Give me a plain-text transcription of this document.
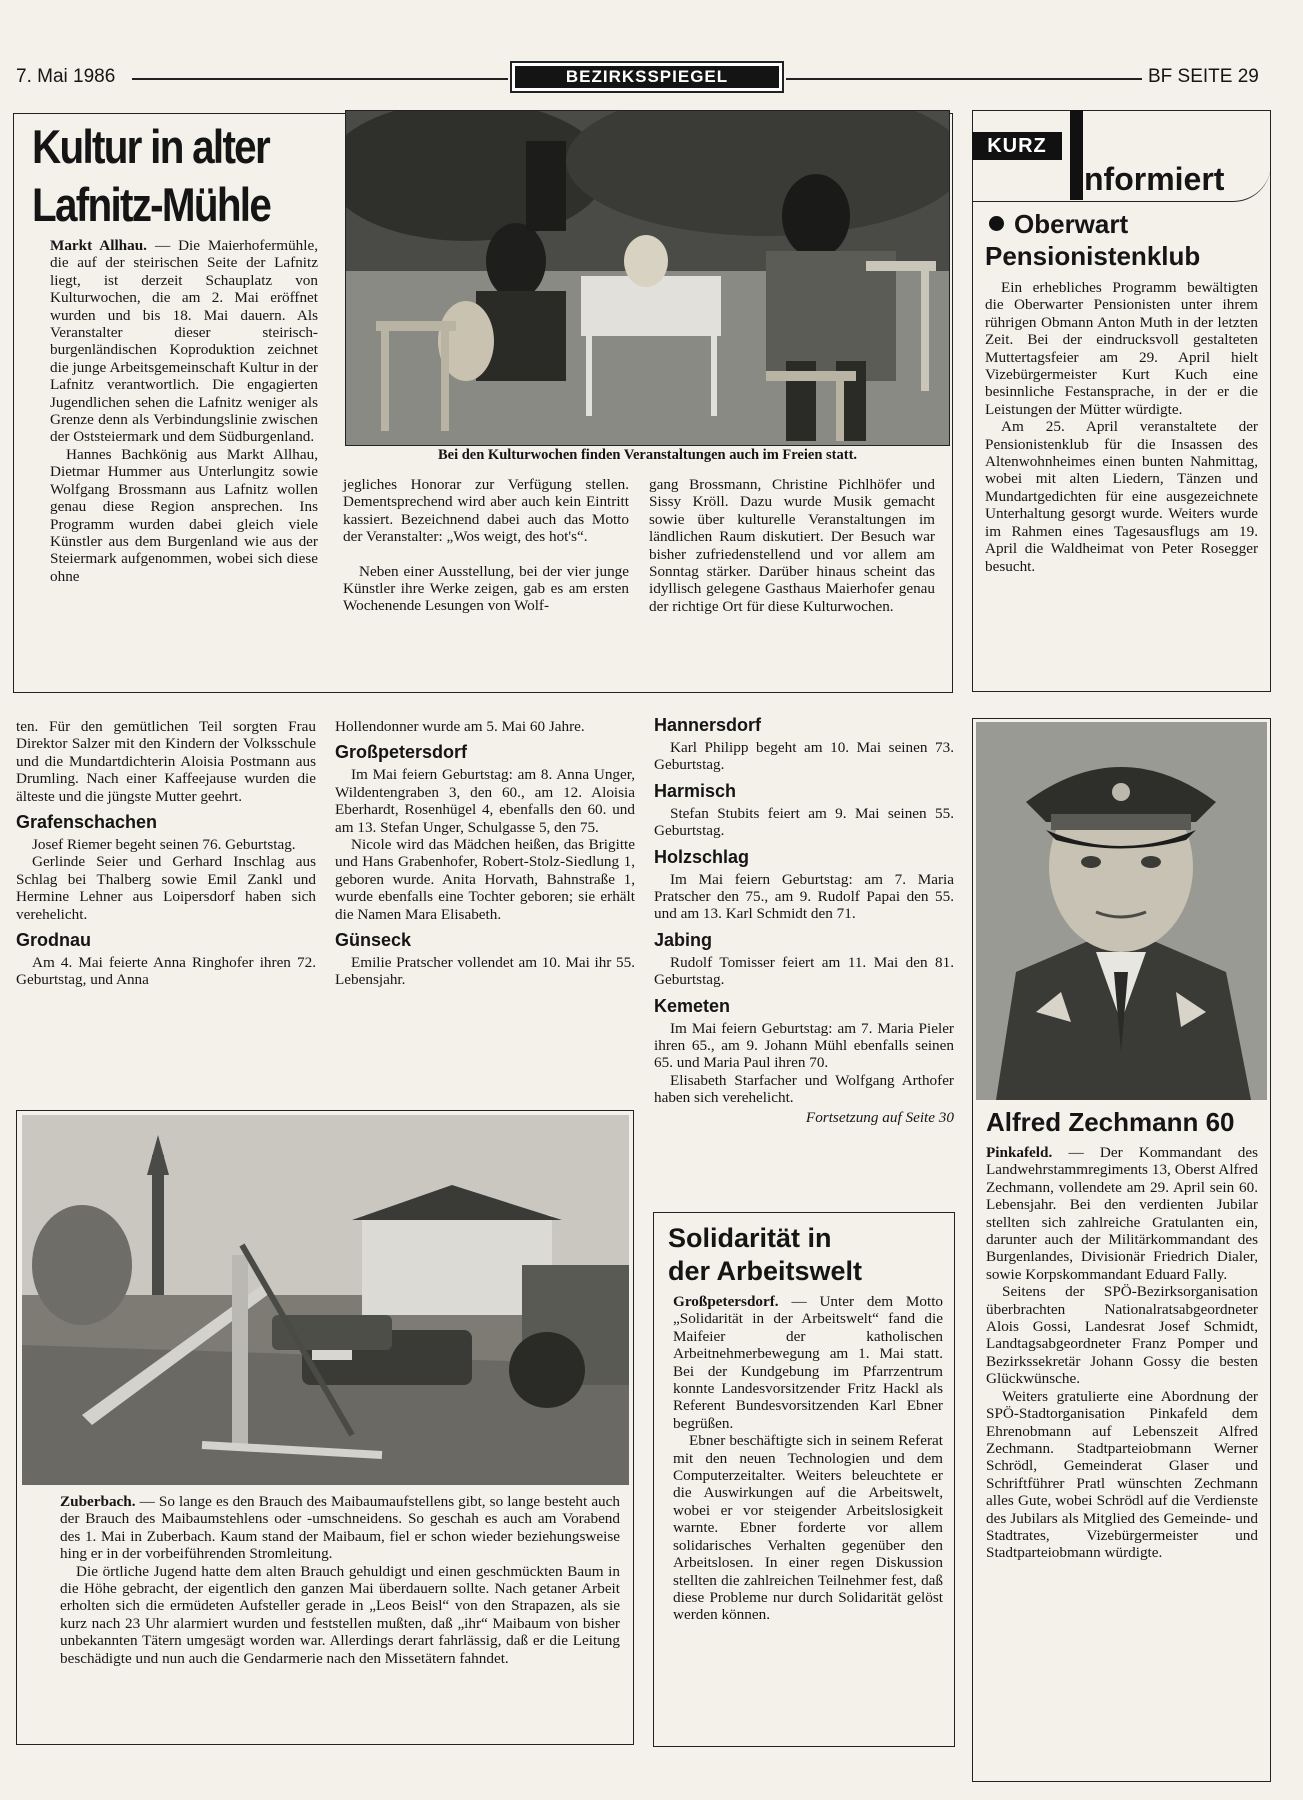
7. Mai 1986	BEZIRKSSPIEGEL	BF SEITE 29
Kultur in alter
Lafnitz-Mühle

Markt Allhau. — Die Maierhofermühle, die auf der steirischen Seite der Lafnitz liegt, ist derzeit Schauplatz von Kulturwochen, die am 2. Mai eröffnet wurden und bis 18. Mai dauern. Als Veranstalter dieser steirisch-burgenländischen Koproduktion zeichnet die junge Arbeitsgemeinschaft Kultur in der Lafnitz verantwortlich. Die engagierten Jugendlichen sehen die Lafnitz weniger als Grenze denn als Verbindungslinie zwischen der Oststeiermark und dem Südburgenland.

Hannes Bachkönig aus Markt Allhau, Dietmar Hummer aus Unterlungitz sowie Wolfgang Brossmann aus Lafnitz wollen genau diese Region ansprechen. Ins Programm wurden dabei gleich viele Künstler aus dem Burgenland wie aus der Steiermark aufgenommen, wobei sich diese ohne

Bei den Kulturwochen finden Veranstaltungen auch im Freien statt.

jegliches Honorar zur Verfügung stellen. Dementsprechend wird aber auch kein Eintritt kassiert. Bezeichnend dabei auch das Motto der Veranstalter: „Wos weigt, des hot's“.

Neben einer Ausstellung, bei der vier junge Künstler ihre Werke zeigen, gab es am ersten Wochenende Lesungen von Wolf-

gang Brossmann, Christine Pichlhöfer und Sissy Kröll. Dazu wurde Musik gemacht sowie über kulturelle Veranstaltungen im ländlichen Raum diskutiert. Der Besuch war bisher zufriedenstellend und vor allem am Sonntag stärker. Darüber hinaus scheint das idyllisch gelegene Gasthaus Maierhofer genau der richtige Ort für diese Kulturwochen.

KURZ
nformiert
Oberwart
Pensionistenklub

Ein erhebliches Programm bewältigten die Oberwarter Pensionisten unter ihrem rührigen Obmann Anton Muth in der letzten Zeit. Bei der eindrucksvoll gestalteten Muttertagsfeier am 29. April hielt Vizebürgermeister Kurt Kuch eine besinnliche Festansprache, in der er die Leistungen der Mütter würdigte.

Am 25. April veranstaltete der Pensionistenklub für die Insassen des Altenwohnheimes einen bunten Nahmittag, wobei mit alten Liedern, Tänzen und Mundartgedichten für eine ausgezeichnete Unterhaltung gesorgt wurde. Weiters wurde im Rahmen eines Tagesausflugs am 19. April die Waldheimat von Peter Rosegger besucht.

ten. Für den gemütlichen Teil sorgten Frau Direktor Salzer mit den Kindern der Volksschule und die Mundartdichterin Aloisia Postmann aus Drumling. Nach einer Kaffeejause wurden die älteste und die jüngste Mutter geehrt.

Grafenschachen

Josef Riemer begeht seinen 76. Geburtstag.

Gerlinde Seier und Gerhard Inschlag aus Schlag bei Thalberg sowie Emil Zankl und Hermine Lehner aus Loipersdorf haben sich verehelicht.

Grodnau

Am 4. Mai feierte Anna Ringhofer ihren 72. Geburtstag, und Anna

Hollendonner wurde am 5. Mai 60 Jahre.

Großpetersdorf

Im Mai feiern Geburtstag: am 8. Anna Unger, Wildentengraben 3, den 60., am 12. Aloisia Eberhardt, Rosenhügel 4, ebenfalls den 60. und am 13. Stefan Unger, Schulgasse 5, den 75.

Nicole wird das Mädchen heißen, das Brigitte und Hans Grabenhofer, Robert-Stolz-Siedlung 1, geboren wurde. Anita Horvath, Bahnstraße 1, wurde ebenfalls eine Tochter geboren; sie erhält die Namen Mara Elisabeth.

Günseck

Emilie Pratscher vollendet am 10. Mai ihr 55. Lebensjahr.

Hannersdorf

Karl Philipp begeht am 10. Mai seinen 73. Geburtstag.

Harmisch

Stefan Stubits feiert am 9. Mai seinen 55. Geburtstag.

Holzschlag

Im Mai feiern Geburtstag: am 7. Maria Pratscher den 75., am 9. Rudolf Papai den 55. und am 13. Karl Schmidt den 71.

Jabing

Rudolf Tomisser feiert am 11. Mai den 81. Geburtstag.

Kemeten

Im Mai feiern Geburtstag: am 7. Maria Pieler ihren 65., am 9. Johann Mühl ebenfalls seinen 65. und Maria Paul ihren 70.

Elisabeth Starfacher und Wolfgang Arthofer haben sich verehelicht.

Fortsetzung auf Seite 30 Alfred Zechmann 60

Pinkafeld. — Der Kommandant des Landwehrstammregiments 13, Oberst Alfred Zechmann, vollendete am 29. April sein 60. Lebensjahr. Bei den verdienten Jubilar stellten sich zahlreiche Gratulanten ein, darunter auch der Militärkommandant des Burgenlandes, Divisionär Friedrich Dialer, sowie Korpskommandant Eduard Fally.

Seitens der SPÖ-Bezirksorganisation überbrachten Nationalratsabgeordneter Alois Gossi, Landesrat Josef Schmidt, Landtagsabgeordneter Franz Pomper und Bezirkssekretär Johann Gossy die besten Glückwünsche.

Weiters gratulierte eine Abordnung der SPÖ-Stadtorganisation Pinkafeld dem Ehrenobmann auf Lebenszeit Alfred Zechmann. Stadtparteiobmann Werner Schrödl, Gemeinderat Glaser und Schriftführer Pratl wünschten Zechmann alles Gute, wobei Schrödl auf die Verdienste des Jubilars als Mitglied des Gemeinde- und Stadtrates, Vizebürgermeister und Stadtparteiobmann würdigte.

Zuberbach. — So lange es den Brauch des Maibaumaufstellens gibt, so lange besteht auch der Brauch des Maibaumstehlens oder -umschneidens. So geschah es auch am Vorabend des 1. Mai in Zuberbach. Kaum stand der Maibaum, fiel er schon wieder beziehungsweise hing er in der vorbeiführenden Stromleitung.

Die örtliche Jugend hatte dem alten Brauch gehuldigt und einen geschmückten Baum in die Höhe gebracht, der eigentlich den ganzen Mai überdauern sollte. Nach getaner Arbeit erholten sich die ermüdeten Aufsteller gerade in „Leos Beisl“ von den Strapazen, als sie kurz nach 23 Uhr alarmiert wurden und feststellen mußten, daß „ihr“ Maibaum von bisher unbekannten Tätern umgesägt worden war. Allerdings derart fahrlässig, daß er die Leitung beschädigte und nun auch die Gendarmerie nach den Missetätern fahndet.

Solidarität in
der Arbeitswelt

Großpetersdorf. — Unter dem Motto „Solidarität in der Arbeitswelt“ fand die Maifeier der katholischen Arbeitnehmerbewegung am 1. Mai statt. Bei der Kundgebung im Pfarrzentrum konnte Landesvorsitzender Fritz Hackl als Referent Bundesvorsitzenden Karl Ebner begrüßen.

Ebner beschäftigte sich in seinem Referat mit den neuen Technologien und dem Computerzeitalter. Weiters beleuchtete er die Auswirkungen auf die Arbeitswelt, wobei er vor steigender Arbeitslosigkeit warnte. Ebner forderte vor allem solidarisches Verhalten gegenüber den Arbeitslosen. In einer regen Diskussion stellten die zahlreichen Teilnehmer fest, daß diese Probleme nur durch Solidarität gelöst werden können.
